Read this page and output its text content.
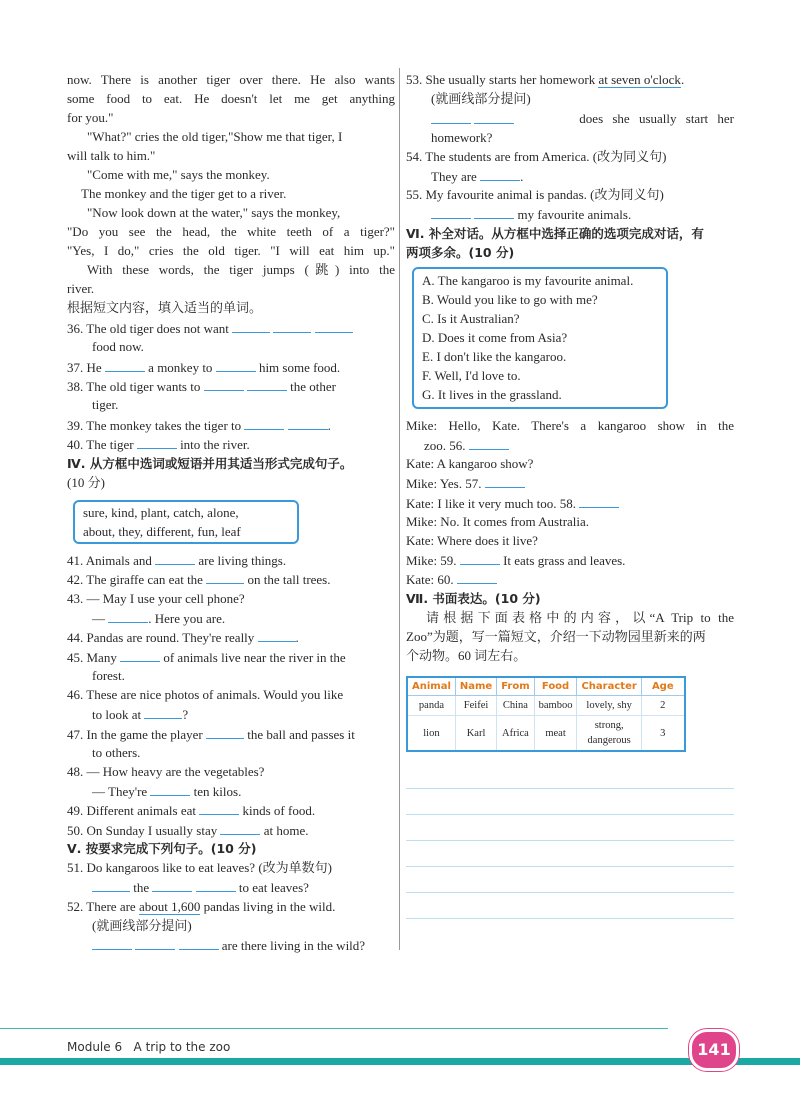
now. There is another tiger over there. He also wants
some food to eat. He doesn't let me get anything
for you."
"What?" cries the old tiger,"Show me that tiger, I
will talk to him."
"Come with me," says the monkey.
The monkey and the tiger get to a river.
"Now look down at the water," says the monkey,
"Do you see the head, the white teeth of a tiger?"
"Yes, I do," cries the old tiger. "I will eat him up."
With these words, the tiger jumps (跳) into the
river.
根据短文内容，填入适当的单词。
36. The old tiger does not want
food now.
37. He	a monkey to	him some food.
38. The old tiger wants to	the other
tiger.
39. The monkey takes the tiger to	.
40. The tiger	into the river.
Ⅳ. 从方框中选词或短语并用其适当形式完成句子。
(10 分)
sure, kind, plant, catch, alone,
about, they, different, fun, leaf
41. Animals and	are living things.
42. The giraffe can eat the	on the tall trees.
43. — May I use your cell phone?
—	. Here you are.
44. Pandas are round. They're really	.
45. Many	of animals live near the river in the
forest.
46. These are nice photos of animals. Would you like
to look at	?
47. In the game the player	the ball and passes it
to others.
48. — How heavy are the vegetables?
— They're	ten kilos.
49. Different animals eat	kinds of food.
50. On Sunday I usually stay	at home.
Ⅴ. 按要求完成下列句子。(10 分)
51. Do kangaroos like to eat leaves? (改为单数句)
the	to eat leaves?
52. There are about 1,600 pandas living in the wild.
(就画线部分提问)
are there living in the wild?
53. She usually starts her homework at seven o'clock.
(就画线部分提问)

does she usually start her
homework?
54. The students are from America. (改为同义句)
They are	.
55. My favourite animal is pandas. (改为同义句)
my favourite animals.
Ⅵ. 补全对话。从方框中选择正确的选项完成对话，有
两项多余。(10 分)
A. The kangaroo is my favourite animal.
B. Would you like to go with me?
C. Is it Australian?
D. Does it come from Asia?
E. I don't like the kangaroo.
F. Well, I'd love to.
G. It lives in the grassland.
Mike: Hello, Kate. There's a kangaroo show in the
zoo. 56.
Kate: A kangaroo show?
Mike: Yes. 57.
Kate: I like it very much too. 58.
Mike: No. It comes from Australia.
Kate: Where does it live?
Mike: 59.	It eats grass and leaves.
Kate: 60.
Ⅶ. 书面表达。(10 分)
请根据下面表格中的内容，以“A Trip to the
Zoo”为题，写一篇短文，介绍一下动物园里新来的两
个动物。60 词左右。
Animal	Name	From	Food	Character	Age
panda	Feifei	China	bamboo	lovely, shy	2
lion	Karl	Africa	meat	strong, dangerous	3
Module 6 A trip to the zoo	141
